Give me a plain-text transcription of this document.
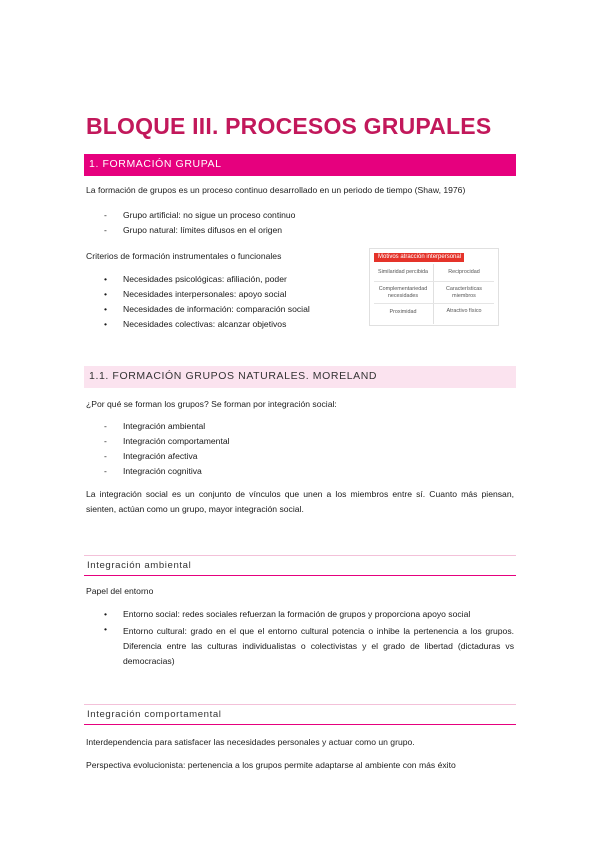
BLOQUE III. PROCESOS GRUPALES
1. FORMACIÓN GRUPAL
La formación de grupos es un proceso continuo desarrollado en un periodo de tiempo (Shaw, 1976)
- Grupo artificial: no sigue un proceso continuo
- Grupo natural: límites difusos en el origen
Criterios de formación instrumentales o funcionales
• Necesidades psicológicas: afiliación, poder
• Necesidades interpersonales: apoyo social
• Necesidades de información: comparación social
• Necesidades colectivas: alcanzar objetivos
Motivos atracción interpersonal
Similaridad percibida	Reciprocidad
Complementariedad necesidades
Características miembros
Proximidad	Atractivo físico
1.1. FORMACIÓN GRUPOS NATURALES. MORELAND
¿Por qué se forman los grupos? Se forman por integración social:
- Integración ambiental
- Integración comportamental
- Integración afectiva
- Integración cognitiva
La integración social es un conjunto de vínculos que unen a los miembros entre sí. Cuanto más piensan, sienten, actúan como un grupo, mayor integración social.
Integración ambiental
Papel del entorno
• Entorno social: redes sociales refuerzan la formación de grupos y proporciona apoyo social
• Entorno cultural: grado en el que el entorno cultural potencia o inhibe la pertenencia a los grupos. Diferencia entre las culturas individualistas o colectivistas y el grado de libertad (dictaduras vs democracias)
Integración comportamental
Interdependencia para satisfacer las necesidades personales y actuar como un grupo.
Perspectiva evolucionista: pertenencia a los grupos permite adaptarse al ambiente con más éxito
